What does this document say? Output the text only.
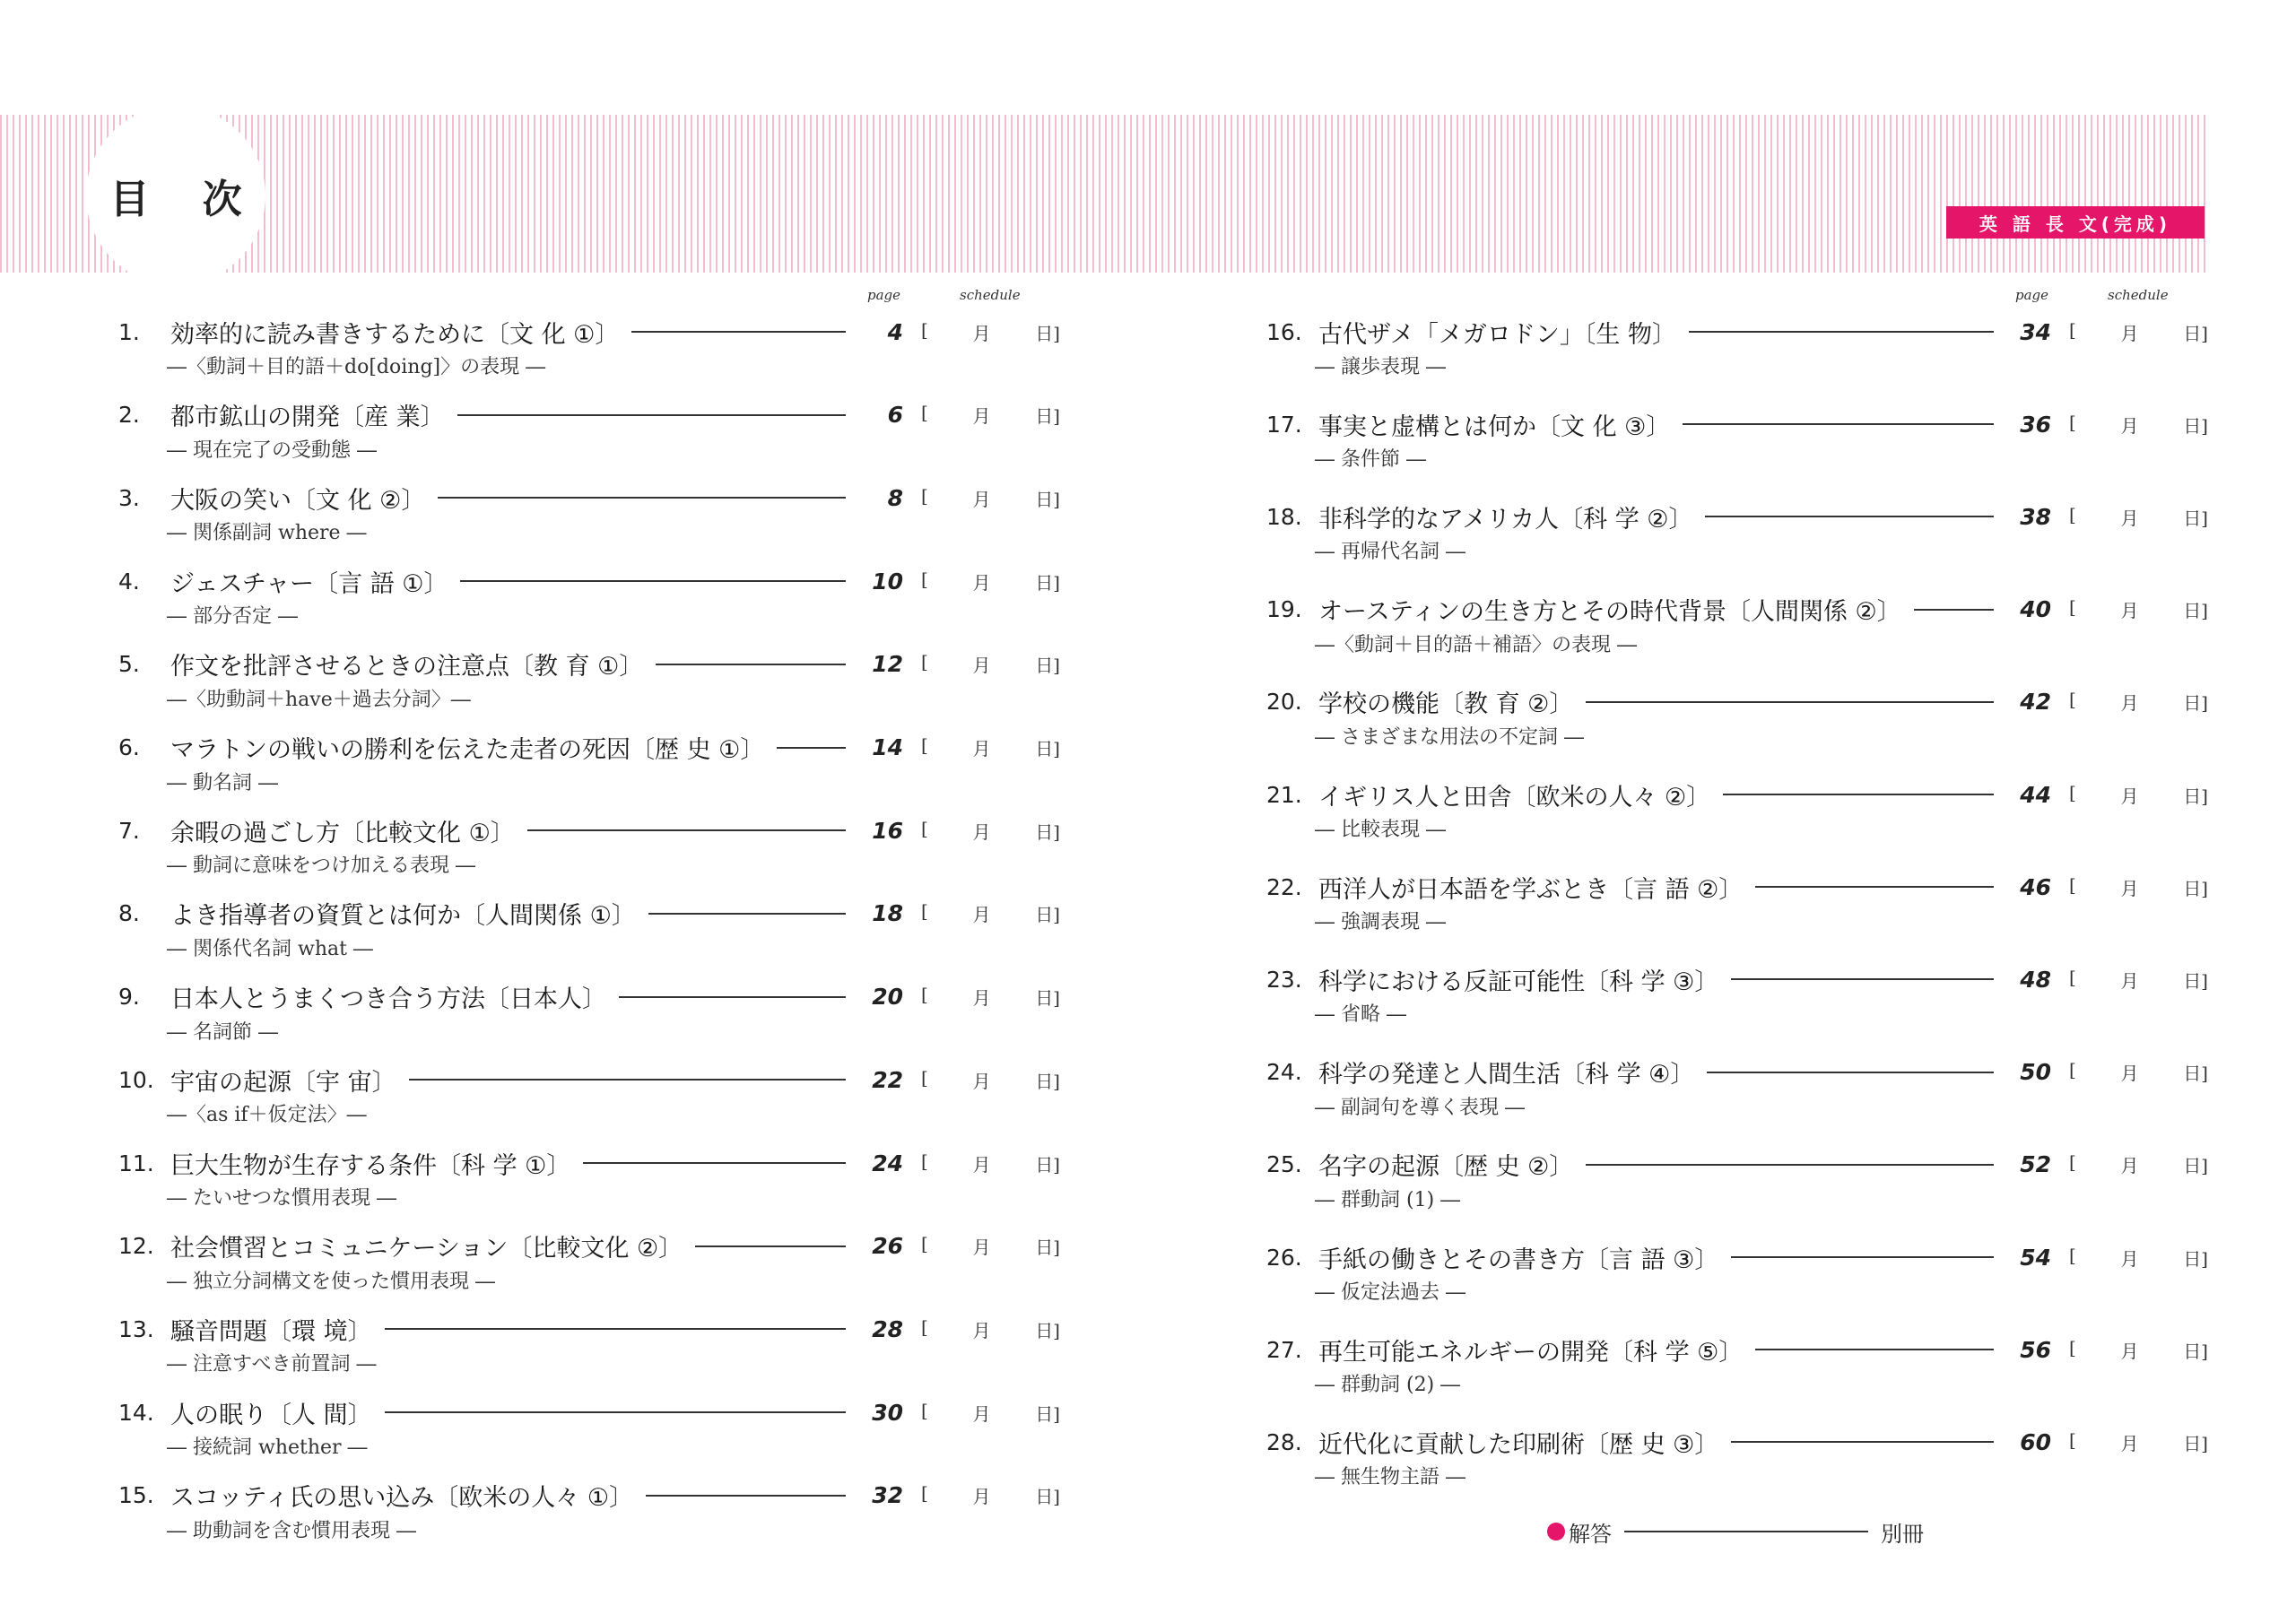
目 次
英 語 長 文(完成)
page	schedule
1.	効率的に読み書きするために〔文 化 ①〕	4 [ 月 日]
―〈動詞＋目的語＋do[doing]〉の表現 ―
2.	都市鉱山の開発〔産 業〕	6 [ 月 日]
― 現在完了の受動態 ―
3.	大阪の笑い〔文 化 ②〕	8 [ 月 日]
― 関係副詞 where ―
4.	ジェスチャー〔言 語 ①〕	10 [ 月 日]
― 部分否定 ―
5.	作文を批評させるときの注意点〔教 育 ①〕	12 [ 月 日]
―〈助動詞＋have＋過去分詞〉―
6.	マラトンの戦いの勝利を伝えた走者の死因〔歴 史 ①〕	14 [ 月 日]
― 動名詞 ―
7.	余暇の過ごし方〔比較文化 ①〕	16 [ 月 日]
― 動詞に意味をつけ加える表現 ―
8.	よき指導者の資質とは何か〔人間関係 ①〕	18 [ 月 日]
― 関係代名詞 what ―
9.	日本人とうまくつき合う方法〔日本人〕	20 [ 月 日]
― 名詞節 ―
10. 宇宙の起源〔宇 宙〕	22 [ 月 日]
―〈as if＋仮定法〉―
11. 巨大生物が生存する条件〔科 学 ①〕	24 [ 月 日]
― たいせつな慣用表現 ―
12. 社会慣習とコミュニケーション〔比較文化 ②〕	26 [ 月 日]
― 独立分詞構文を使った慣用表現 ―
13. 騒音問題〔環 境〕	28 [ 月 日]
― 注意すべき前置詞 ―
14. 人の眠り〔人 間〕	30 [ 月 日]
― 接続詞 whether ―
15. スコッティ氏の思い込み〔欧米の人々 ①〕	32 [ 月 日]
― 助動詞を含む慣用表現 ―
page	schedule
16. 古代ザメ「メガロドン」〔生 物〕	34 [ 月 日]
― 譲歩表現 ―
17. 事実と虚構とは何か〔文 化 ③〕	36 [ 月 日]
― 条件節 ―
18. 非科学的なアメリカ人〔科 学 ②〕	38 [ 月 日]
― 再帰代名詞 ―
19. オースティンの生き方とその時代背景〔人間関係 ②〕	40 [ 月 日]
―〈動詞＋目的語＋補語〉の表現 ―
20. 学校の機能〔教 育 ②〕	42 [ 月 日]
― さまざまな用法の不定詞 ―
21. イギリス人と田舎〔欧米の人々 ②〕	44 [ 月 日]
― 比較表現 ―
22. 西洋人が日本語を学ぶとき〔言 語 ②〕	46 [ 月 日]
― 強調表現 ―
23. 科学における反証可能性〔科 学 ③〕	48 [ 月 日]
― 省略 ―
24. 科学の発達と人間生活〔科 学 ④〕	50 [ 月 日]
― 副詞句を導く表現 ―
25. 名字の起源〔歴 史 ②〕	52 [ 月 日]
― 群動詞 (1) ―
26. 手紙の働きとその書き方〔言 語 ③〕	54 [ 月 日]
― 仮定法過去 ―
27. 再生可能エネルギーの開発〔科 学 ⑤〕	56 [ 月 日]
― 群動詞 (2) ―
28. 近代化に貢献した印刷術〔歴 史 ③〕	60 [ 月 日]
― 無生物主語 ―
解答	別冊
